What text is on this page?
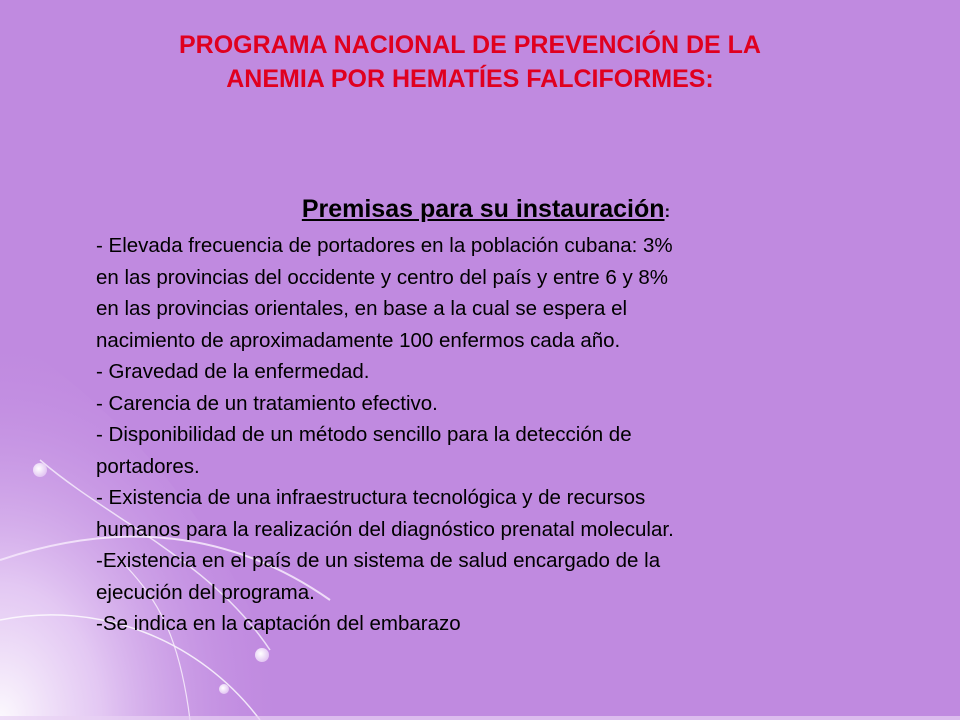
PROGRAMA NACIONAL DE PREVENCIÓN DE LA
ANEMIA POR HEMATÍES FALCIFORMES:
Premisas para su instauración:
- Elevada frecuencia de portadores en la población cubana: 3%
en las provincias del occidente y centro del país y entre 6 y 8%
en las provincias orientales, en base a la cual se espera el
nacimiento de aproximadamente 100 enfermos cada año.
- Gravedad de la enfermedad.
- Carencia de un tratamiento efectivo.
- Disponibilidad de un método sencillo para la detección de
portadores.
- Existencia de una infraestructura tecnológica y de recursos
humanos para la realización del diagnóstico prenatal molecular.
-Existencia en el país de un sistema de salud encargado de la
ejecución del programa.
-Se indica en la captación del embarazo
